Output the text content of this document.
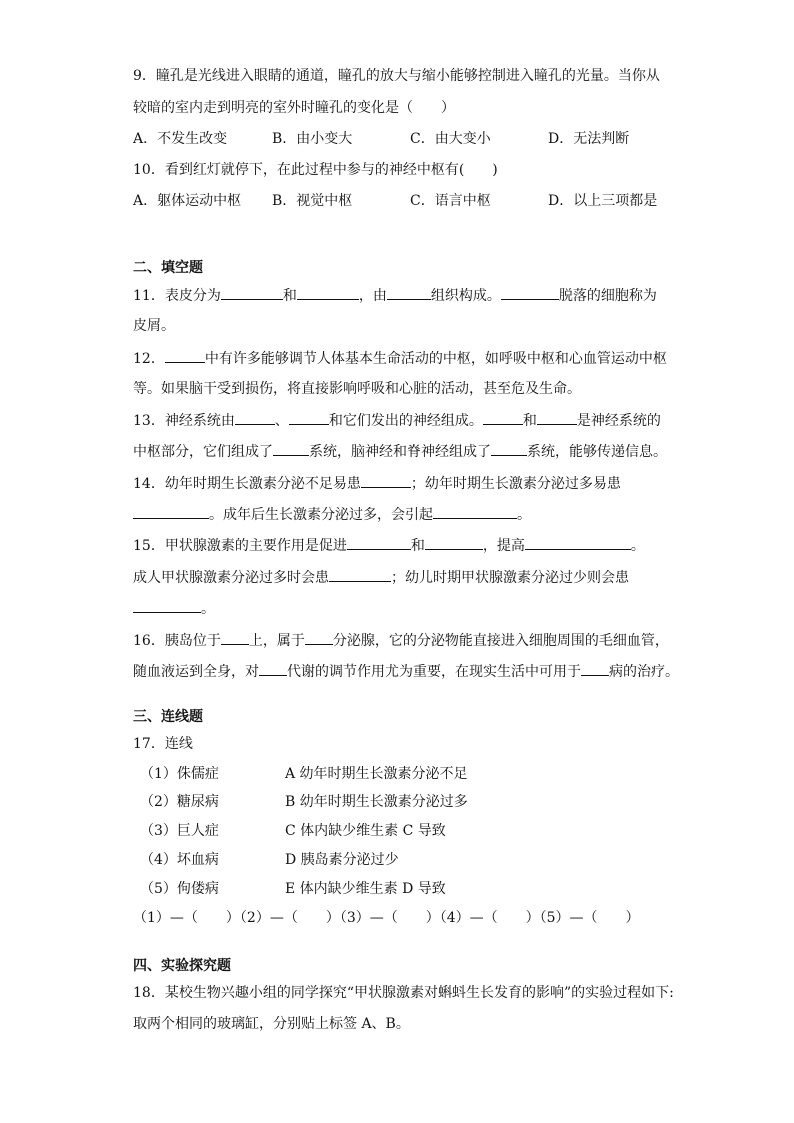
9．瞳孔是光线进入眼睛的通道，瞳孔的放大与缩小能够控制进入瞳孔的光量。当你从
较暗的室内走到明亮的室外时瞳孔的变化是（　　）
A．不发生改变	B．由小变大	C．由大变小	D．无法判断
10．看到红灯就停下，在此过程中参与的神经中枢有(　　)
A．躯体运动中枢 B．视觉中枢	C．语言中枢	D．以上三项都是
二、填空题
11．表皮分为	和	，由	组织构成。	脱落的细胞称为
皮屑。
12．	中有许多能够调节人体基本生命活动的中枢，如呼吸中枢和心血管运动中枢
等。如果脑干受到损伤，将直接影响呼吸和心脏的活动，甚至危及生命。
13．神经系统由	、	和它们发出的神经组成。	和	是神经系统的
中枢部分，它们组成了	系统，脑神经和脊神经组成了	系统，能够传递信息。
14．幼年时期生长激素分泌不足易患	；幼年时期生长激素分泌过多易患
。成年后生长激素分泌过多，会引起	。
15．甲状腺激素的主要作用是促进	和	，提高	。
成人甲状腺激素分泌过多时会患	；幼儿时期甲状腺激素分泌过少则会患
。
16．胰岛位于 上，属于 分泌腺，它的分泌物能直接进入细胞周围的毛细血管，
随血液运到全身，对 代谢的调节作用尤为重要，在现实生活中可用于 病的治疗。
三、连线题
17．连线
（1）侏儒症	A 幼年时期生长激素分泌不足
（2）糖尿病	B 幼年时期生长激素分泌过多
（3）巨人症	C 体内缺少维生素 C 导致
（4）坏血病	D 胰岛素分泌过少
（5）佝偻病	E 体内缺少维生素 D 导致
（1）—（　　）（2）—（　　）（3）—（　　）（4）—（　　）（5）—（　　）
四、实验探究题
18．某校生物兴趣小组的同学探究“甲状腺激素对蝌蚪生长发育的影响”的实验过程如下:
取两个相同的玻璃缸，分别贴上标签 A、B。
